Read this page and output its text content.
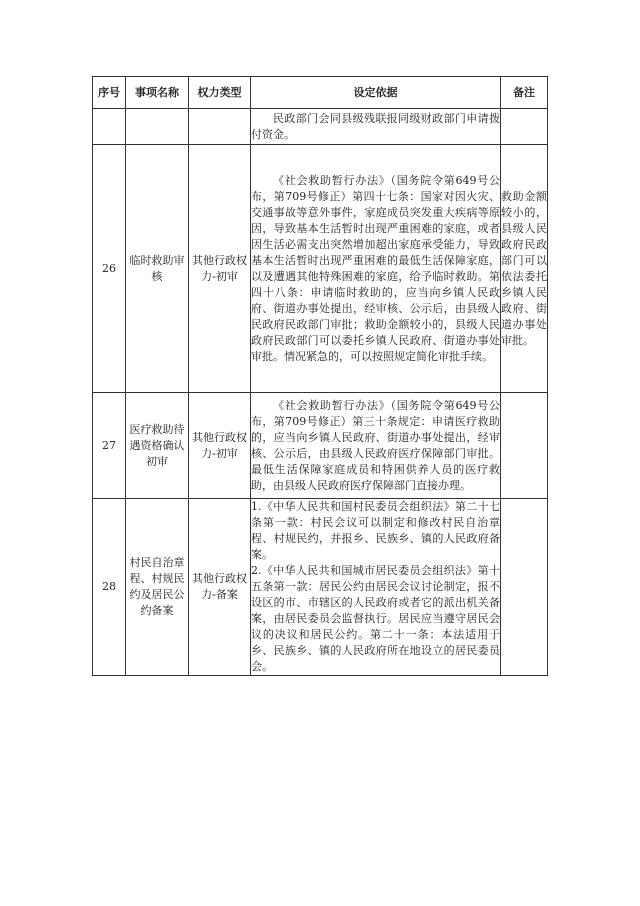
序号	事项名称	权力类型	设定依据	备注

			民政部门会同县级残联报同级财政部门申请拨付资金。	

26	临时救助审核	其他行政权力-初审	《社会救助暂行办法》（国务院令第649号公布，第709号修正）第四十七条：国家对因火灾、交通事故等意外事件，家庭成员突发重大疾病等原因，导致基本生活暂时出现严重困难的家庭，或者因生活必需支出突然增加超出家庭承受能力，导致基本生活暂时出现严重困难的最低生活保障家庭，以及遭遇其他特殊困难的家庭，给予临时救助。第四十八条：申请临时救助的，应当向乡镇人民政府、街道办事处提出，经审核、公示后，由县级人民政府民政部门审批；救助金额较小的，县级人民政府民政部门可以委托乡镇人民政府、街道办事处审批。情况紧急的，可以按照规定简化审批手续。	救助金额较小的，县级人民政府民政部门可以依法委托乡镇人民政府、街道办事处审批。
27	医疗救助待遇资格确认初审	其他行政权力-初审	《社会救助暂行办法》（国务院令第649号公布，第709号修正）第三十条规定：申请医疗救助的，应当向乡镇人民政府、街道办事处提出，经审核、公示后，由县级人民政府医疗保障部门审批。最低生活保障家庭成员和特困供养人员的医疗救助，由县级人民政府医疗保障部门直接办理。	

28	村民自治章程、村规民约及居民公约备案	其他行政权力-备案	1.《中华人民共和国村民委员会组织法》第二十七条第一款：村民会议可以制定和修改村民自治章程、村规民约，并报乡、民族乡、镇的人民政府备案。

2.《中华人民共和国城市居民委员会组织法》第十五条第一款：居民公约由居民会议讨论制定，报不设区的市、市辖区的人民政府或者它的派出机关备案，由居民委员会监督执行。居民应当遵守居民会议的决议和居民公约。第二十一条：本法适用于乡、民族乡、镇的人民政府所在地设立的居民委员会。	
